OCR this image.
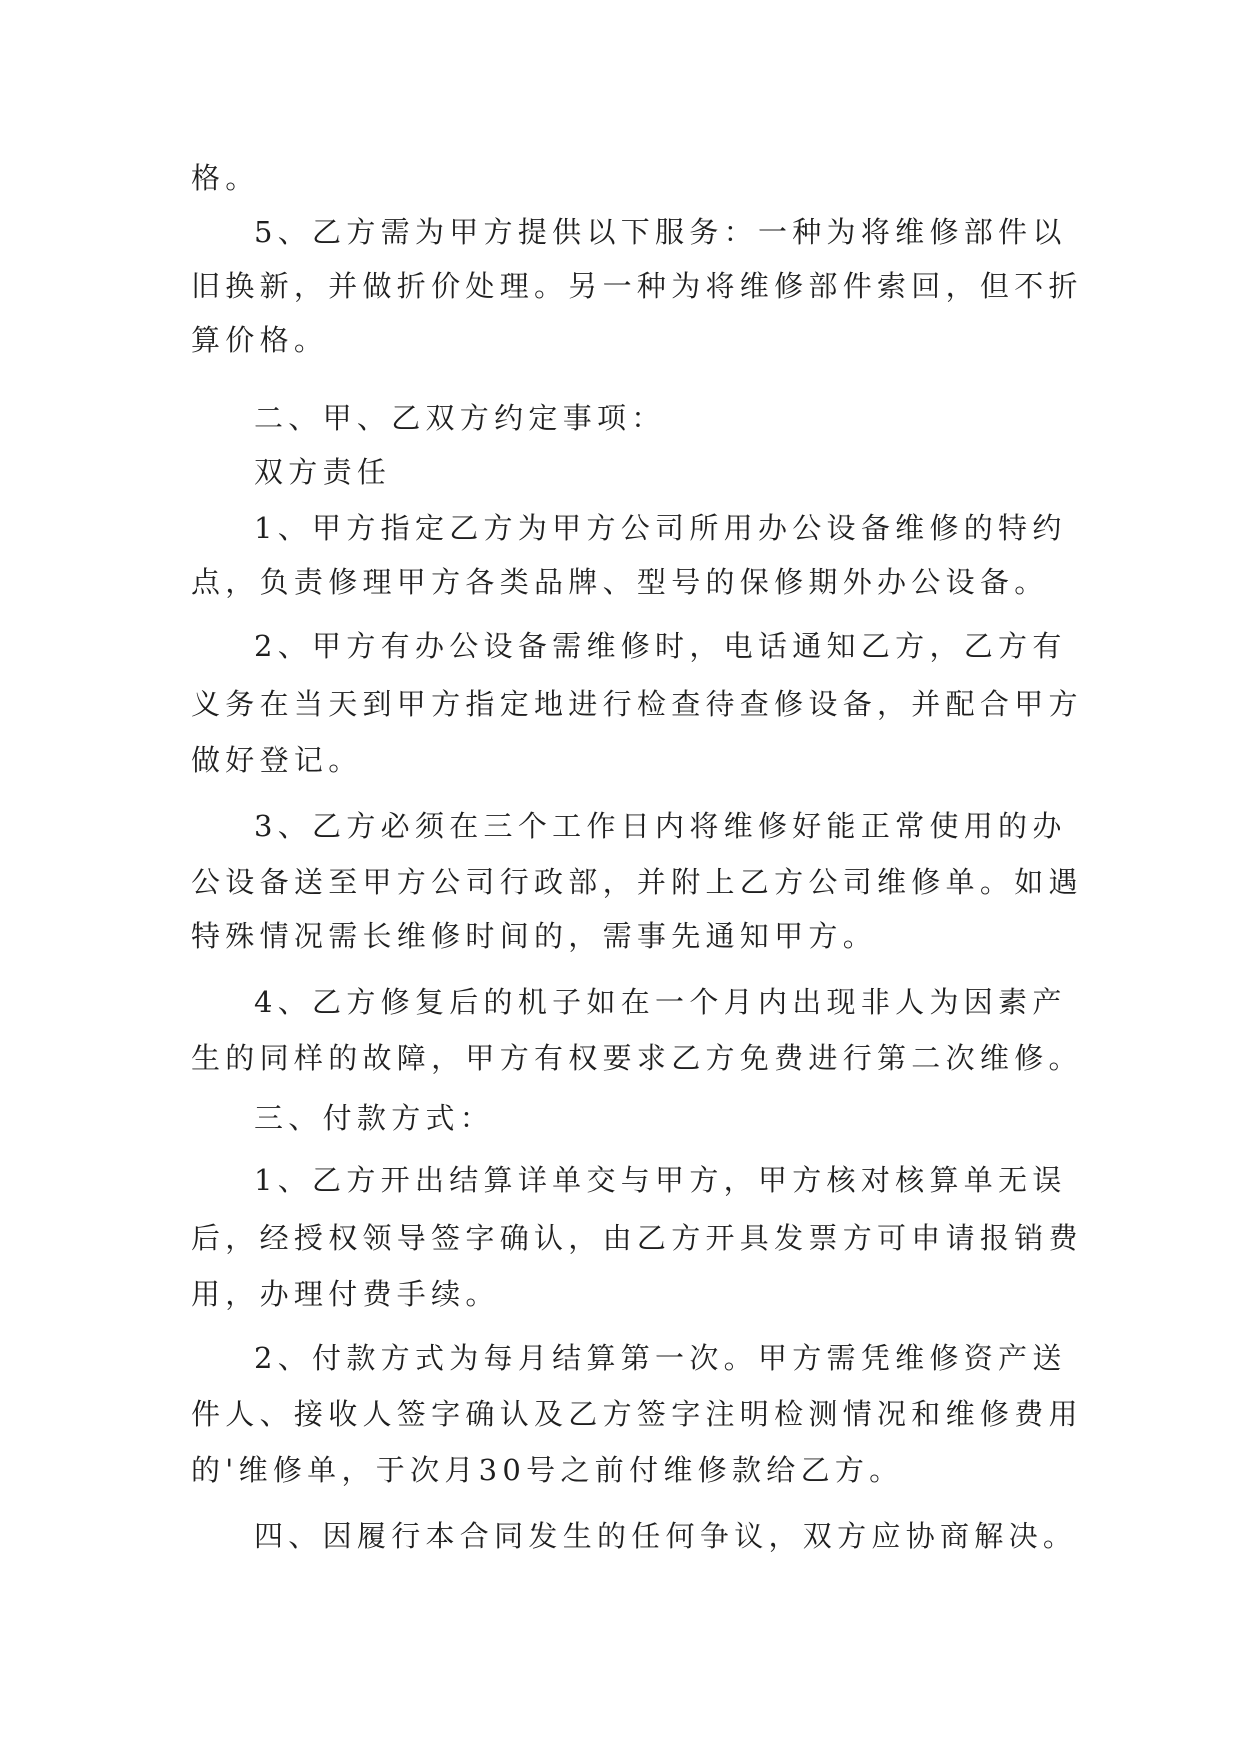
格。
5、乙方需为甲方提供以下服务：一种为将维修部件以
旧换新，并做折价处理。另一种为将维修部件索回，但不折
算价格。
二、甲、乙双方约定事项：
双方责任
1、甲方指定乙方为甲方公司所用办公设备维修的特约
点，负责修理甲方各类品牌、型号的保修期外办公设备。
2、甲方有办公设备需维修时，电话通知乙方，乙方有
义务在当天到甲方指定地进行检查待查修设备，并配合甲方
做好登记。
3、乙方必须在三个工作日内将维修好能正常使用的办
公设备送至甲方公司行政部，并附上乙方公司维修单。如遇
特殊情况需长维修时间的，需事先通知甲方。
4、乙方修复后的机子如在一个月内出现非人为因素产
生的同样的故障，甲方有权要求乙方免费进行第二次维修。
三、付款方式：
1、乙方开出结算详单交与甲方，甲方核对核算单无误
后，经授权领导签字确认，由乙方开具发票方可申请报销费
用，办理付费手续。
2、付款方式为每月结算第一次。甲方需凭维修资产送
件人、接收人签字确认及乙方签字注明检测情况和维修费用
的'维修单，于次月30号之前付维修款给乙方。
四、因履行本合同发生的任何争议，双方应协商解决。
